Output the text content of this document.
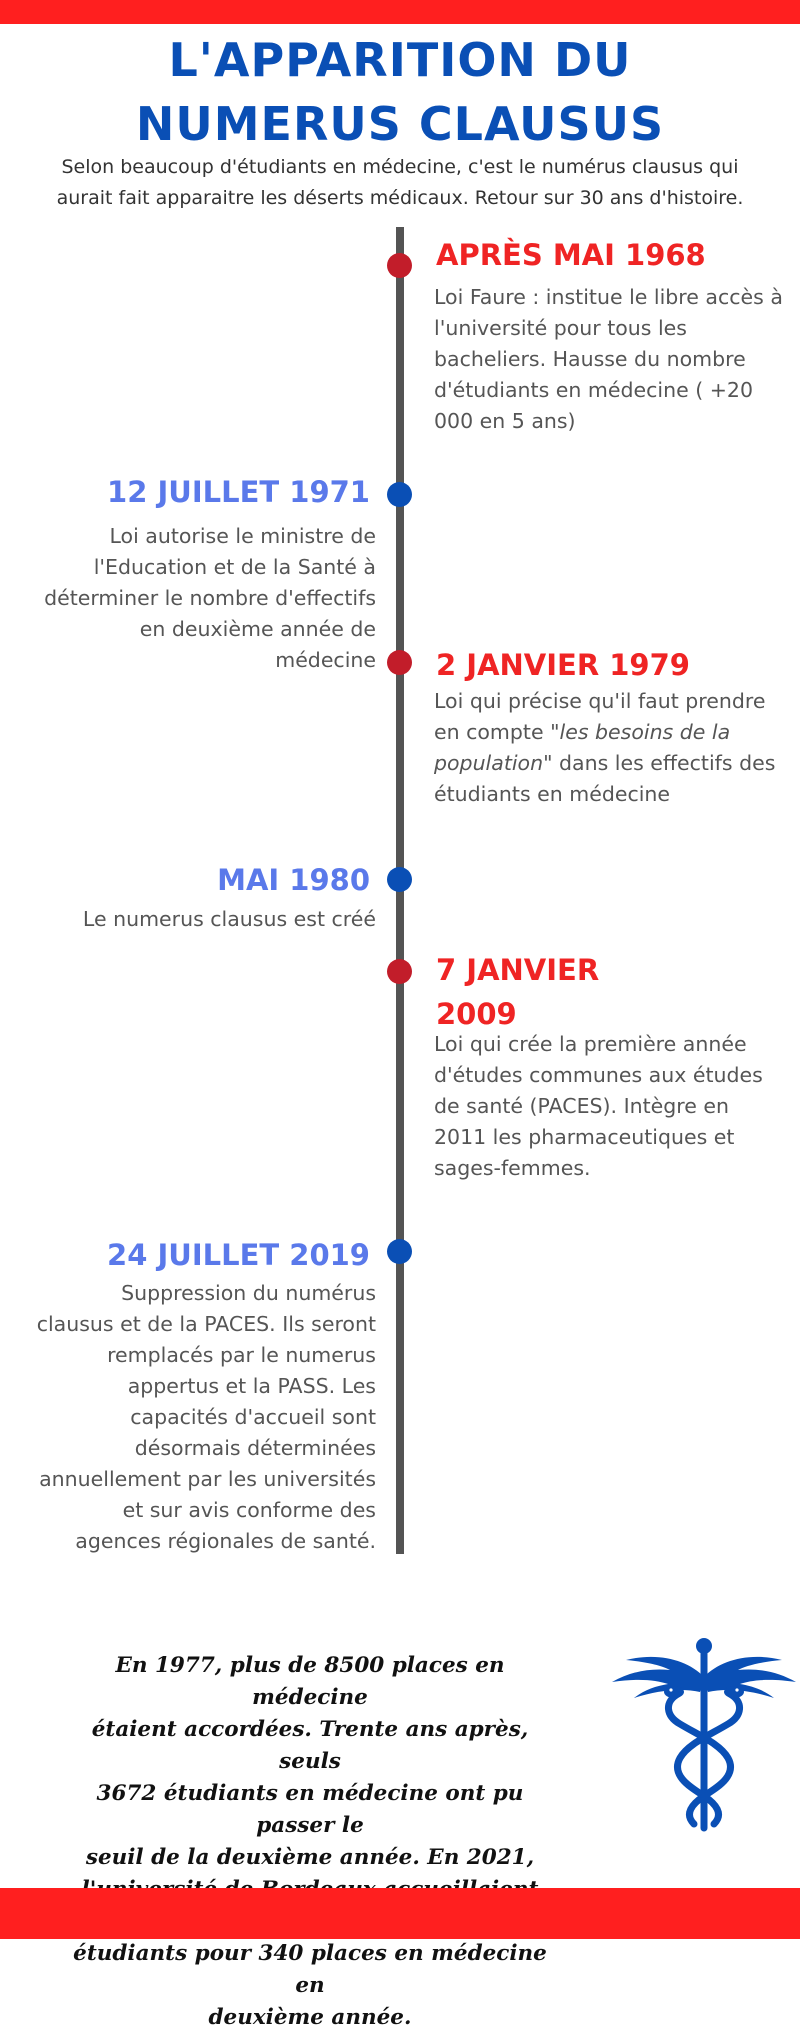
L'APPARITION DU
NUMERUS CLAUSUS
Selon beaucoup d'étudiants en médecine, c'est le numérus clausus qui
aurait fait apparaitre les déserts médicaux. Retour sur 30 ans d'histoire.
APRÈS MAI 1968
Loi Faure : institue le libre accès à
l'université pour tous les
bacheliers. Hausse du nombre
d'étudiants en médecine ( +20
000 en 5 ans)
12 JUILLET 1971
Loi autorise le ministre de
l'Education et de la Santé à
déterminer le nombre d'effectifs
en deuxième année de
médecine 2 JANVIER 1979
Loi qui précise qu'il faut prendre
en compte "les besoins de la
population" dans les effectifs des
étudiants en médecine
MAI 1980
Le numerus clausus est créé
7 JANVIER
2009
Loi qui crée la première année
d'études communes aux études
de santé (PACES). Intègre en
2011 les pharmaceutiques et
sages-femmes.
24 JUILLET 2019
Suppression du numérus
clausus et de la PACES. Ils seront
remplacés par le numerus
appertus et la PASS. Les
capacités d'accueil sont
désormais déterminées
annuellement par les universités
et sur avis conforme des
agences régionales de santé.
En 1977, plus de 8500 places en médecine
étaient accordées. Trente ans après, seuls
3672 étudiants en médecine ont pu passer le
seuil de la deuxième année. En 2021,
étudiants pour 340 places en médecine en
deuxième année.
